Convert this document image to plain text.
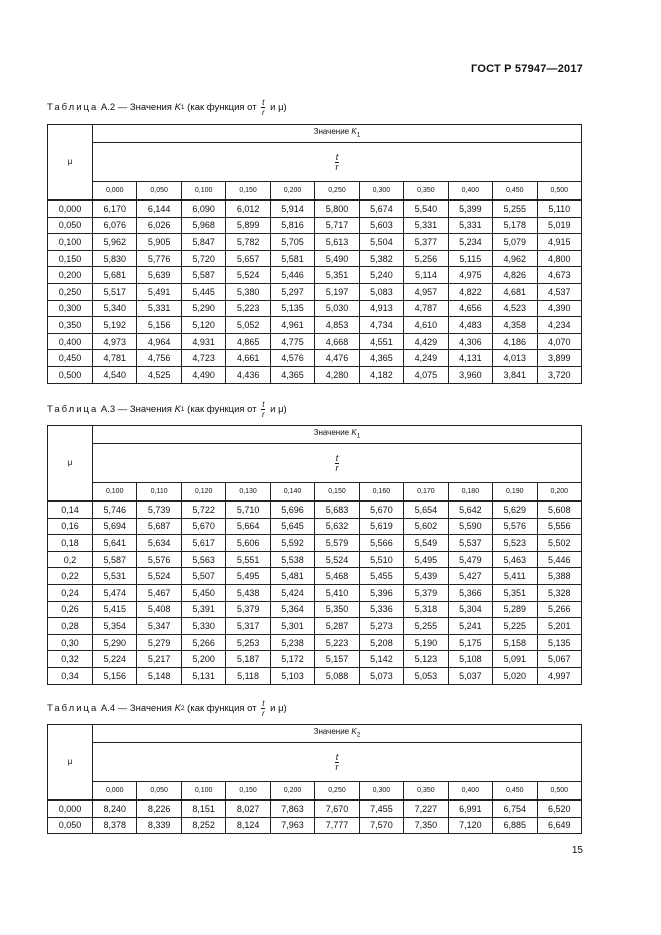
ГОСТ Р 57947—2017
Таблица А.2 — Значения K 1 (как функция от $\frac{t}{r}$ и μ)
μ	Значение $K_1$

	$\frac{t}{r}$

	0,000	0,050	0,100	0,150	0,200	0,250	0,300	0,350	0,400	0,450	0,500
0,000	6,170	6,144	6,090	6,012	5,914	5,800	5,674	5,540	5,399	5,255	5,110
0,050	6,076	6,026	5,968	5,899	5,816	5,717	5,603	5,331	5,331	5,178	5,019
0,100	5,962	5,905	5,847	5,782	5,705	5,613	5,504	5,377	5,234	5,079	4,915
0,150	5,830	5,776	5,720	5,657	5,581	5,490	5,382	5,256	5,115	4,962	4,800
0,200	5,681	5,639	5,587	5,524	5,446	5,351	5,240	5,114	4,975	4,826	4,673
0,250	5,517	5,491	5,445	5,380	5,297	5,197	5,083	4,957	4,822	4,681	4,537
0,300	5,340	5,331	5,290	5,223	5,135	5,030	4,913	4,787	4,656	4,523	4,390
0,350	5,192	5,156	5,120	5,052	4,961	4,853	4,734	4,610	4,483	4,358	4,234
0,400	4,973	4,964	4,931	4,865	4,775	4,668	4,551	4,429	4,306	4,186	4,070
0,450	4,781	4,756	4,723	4,661	4,576	4,476	4,365	4,249	4,131	4,013	3,899
0,500	4,540	4,525	4,490	4,436	4,365	4,280	4,182	4,075	3,960	3,841	3,720
Таблица А.3 — Значения K 1 (как функция от $\frac{t}{r}$ и μ)
μ	Значение $K_1$

	$\frac{t}{r}$

	0,100	0,110	0,120	0,130	0,140	0,150	0,160	0,170	0,180	0,190	0,200
0,14	5,746	5,739	5,722	5,710	5,696	5,683	5,670	5,654	5,642	5,629	5,608
0,16	5,694	5,687	5,670	5,664	5,645	5,632	5,619	5,602	5,590	5,576	5,556
0,18	5,641	5,634	5,617	5,606	5,592	5,579	5,566	5,549	5,537	5,523	5,502
0,2	5,587	5,576	5,563	5,551	5,538	5,524	5,510	5,495	5,479	5,463	5,446
0,22	5,531	5,524	5,507	5,495	5,481	5,468	5,455	5,439	5,427	5,411	5,388
0,24	5,474	5,467	5,450	5,438	5,424	5,410	5,396	5,379	5,366	5,351	5,328
0,26	5,415	5,408	5,391	5,379	5,364	5,350	5,336	5,318	5,304	5,289	5,266
0,28	5,354	5,347	5,330	5,317	5,301	5,287	5,273	5,255	5,241	5,225	5,201
0,30	5,290	5,279	5,266	5,253	5,238	5,223	5,208	5,190	5,175	5,158	5,135
0,32	5,224	5,217	5,200	5,187	5,172	5,157	5,142	5,123	5,108	5,091	5,067
0,34	5,156	5,148	5,131	5,118	5,103	5,088	5,073	5,053	5,037	5,020	4,997
Таблица А.4 — Значения K 2 (как функция от $\frac{t}{r}$ и μ)
μ	Значение $K_2$

	$\frac{t}{r}$

	0,000	0,050	0,100	0,150	0,200	0,250	0,300	0,350	0,400	0,450	0,500
0,000	8,240	8,226	8,151	8,027	7,863	7,670	7,455	7,227	6,991	6,754	6,520
0,050	8,378	8,339	8,252	8,124	7,963	7,777	7,570	7,350	7,120	6,885	6,649
15
